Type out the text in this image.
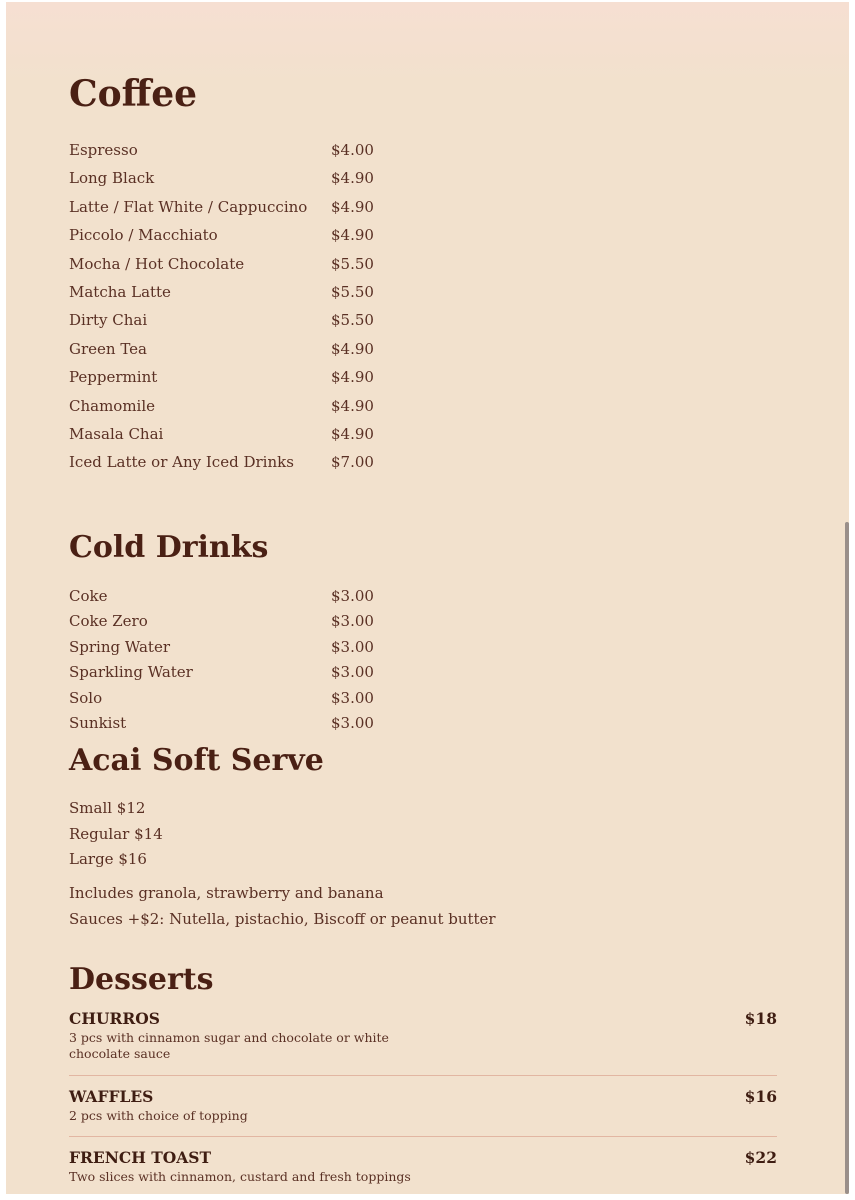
Coffee
Espresso	$4.00
Long Black	$4.90
Latte / Flat White / Cappuccino	$4.90
Piccolo / Macchiato	$4.90
Mocha / Hot Chocolate	$5.50
Matcha Latte	$5.50
Dirty Chai	$5.50
Green Tea	$4.90
Peppermint	$4.90
Chamomile	$4.90
Masala Chai	$4.90
Iced Latte or Any Iced Drinks	$7.00
Cold Drinks
Coke	$3.00
Coke Zero	$3.00
Spring Water	$3.00
Sparkling Water	$3.00
Solo	$3.00
Sunkist	$3.00
Acai Soft Serve
Small $12
Regular $14
Large $16
Includes granola, strawberry and banana
Sauces +$2: Nutella, pistachio, Biscoff or peanut butter
Desserts
CHURROS	$18
3 pcs with cinnamon sugar and chocolate or white chocolate sauce
WAFFLES	$16
2 pcs with choice of topping
FRENCH TOAST	$22
Two slices with cinnamon, custard and fresh toppings
